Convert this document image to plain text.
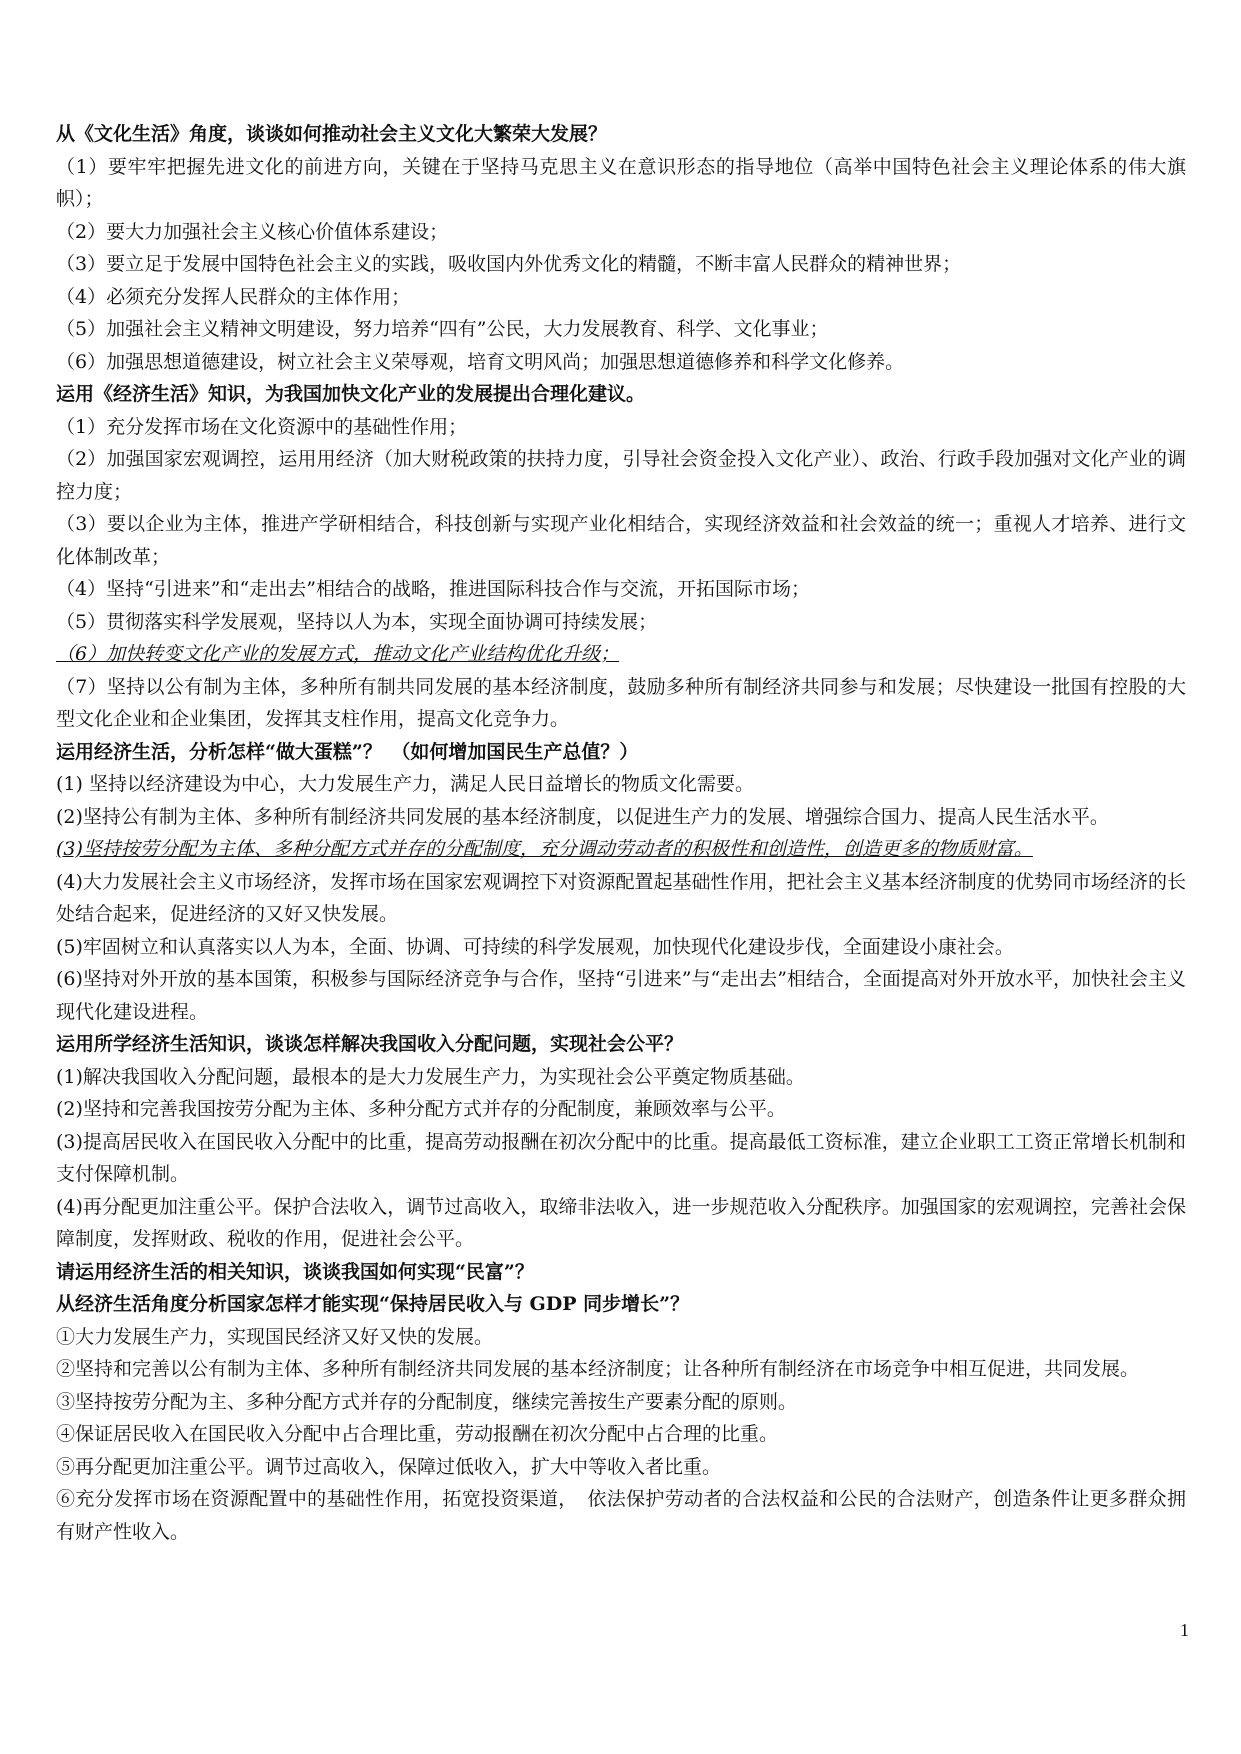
从《文化生活》角度，谈谈如何推动社会主义文化大繁荣大发展？
（1）要牢牢把握先进文化的前进方向，关键在于坚持马克思主义在意识形态的指导地位（高举中国特色社会主义理论体系的伟大旗帜）；
（2）要大力加强社会主义核心价值体系建设；
（3）要立足于发展中国特色社会主义的实践，吸收国内外优秀文化的精髓，不断丰富人民群众的精神世界；
（4）必须充分发挥人民群众的主体作用；
（5）加强社会主义精神文明建设，努力培养“四有”公民，大力发展教育、科学、文化事业；
（6）加强思想道德建设，树立社会主义荣辱观，培育文明风尚；加强思想道德修养和科学文化修养。
运用《经济生活》知识，为我国加快文化产业的发展提出合理化建议。
（1）充分发挥市场在文化资源中的基础性作用；
（2）加强国家宏观调控，运用用经济（加大财税政策的扶持力度，引导社会资金投入文化产业）、政治、行政手段加强对文化产业的调控力度；
（3）要以企业为主体，推进产学研相结合，科技创新与实现产业化相结合，实现经济效益和社会效益的统一；重视人才培养、进行文化体制改革；
（4）坚持“引进来”和“走出去”相结合的战略，推进国际科技合作与交流，开拓国际市场；
（5）贯彻落实科学发展观，坚持以人为本，实现全面协调可持续发展；
（6）加快转变文化产业的发展方式，推动文化产业结构优化升级；
（7）坚持以公有制为主体，多种所有制共同发展的基本经济制度，鼓励多种所有制经济共同参与和发展；尽快建设一批国有控股的大型文化企业和企业集团，发挥其支柱作用，提高文化竞争力。
运用经济生活，分析怎样“做大蛋糕”？　（如何增加国民生产总值？）
(1) 坚持以经济建设为中心，大力发展生产力，满足人民日益增长的物质文化需要。
(2)坚持公有制为主体、多种所有制经济共同发展的基本经济制度，以促进生产力的发展、增强综合国力、提高人民生活水平。
(3)坚持按劳分配为主体、多种分配方式并存的分配制度，充分调动劳动者的积极性和创造性，创造更多的物质财富。
(4)大力发展社会主义市场经济，发挥市场在国家宏观调控下对资源配置起基础性作用，把社会主义基本经济制度的优势同市场经济的长处结合起来，促进经济的又好又快发展。
(5)牢固树立和认真落实以人为本，全面、协调、可持续的科学发展观，加快现代化建设步伐，全面建设小康社会。
(6)坚持对外开放的基本国策，积极参与国际经济竞争与合作，坚持“引进来”与“走出去”相结合，全面提高对外开放水平，加快社会主义现代化建设进程。
运用所学经济生活知识，谈谈怎样解决我国收入分配问题，实现社会公平？
(1)解决我国收入分配问题，最根本的是大力发展生产力，为实现社会公平奠定物质基础。
(2)坚持和完善我国按劳分配为主体、多种分配方式并存的分配制度，兼顾效率与公平。
(3)提高居民收入在国民收入分配中的比重，提高劳动报酬在初次分配中的比重。提高最低工资标准，建立企业职工工资正常增长机制和支付保障机制。
(4)再分配更加注重公平。保护合法收入，调节过高收入，取缔非法收入，进一步规范收入分配秩序。加强国家的宏观调控，完善社会保障制度，发挥财政、税收的作用，促进社会公平。
请运用经济生活的相关知识，谈谈我国如何实现“民富”？
从经济生活角度分析国家怎样才能实现“保持居民收入与 GDP 同步增长”？
①大力发展生产力，实现国民经济又好又快的发展。
②坚持和完善以公有制为主体、多种所有制经济共同发展的基本经济制度；让各种所有制经济在市场竞争中相互促进，共同发展。
③坚持按劳分配为主、多种分配方式并存的分配制度，继续完善按生产要素分配的原则。
④保证居民收入在国民收入分配中占合理比重，劳动报酬在初次分配中占合理的比重。
⑤再分配更加注重公平。调节过高收入，保障过低收入，扩大中等收入者比重。
⑥充分发挥市场在资源配置中的基础性作用，拓宽投资渠道，　依法保护劳动者的合法权益和公民的合法财产，创造条件让更多群众拥有财产性收入。
1
